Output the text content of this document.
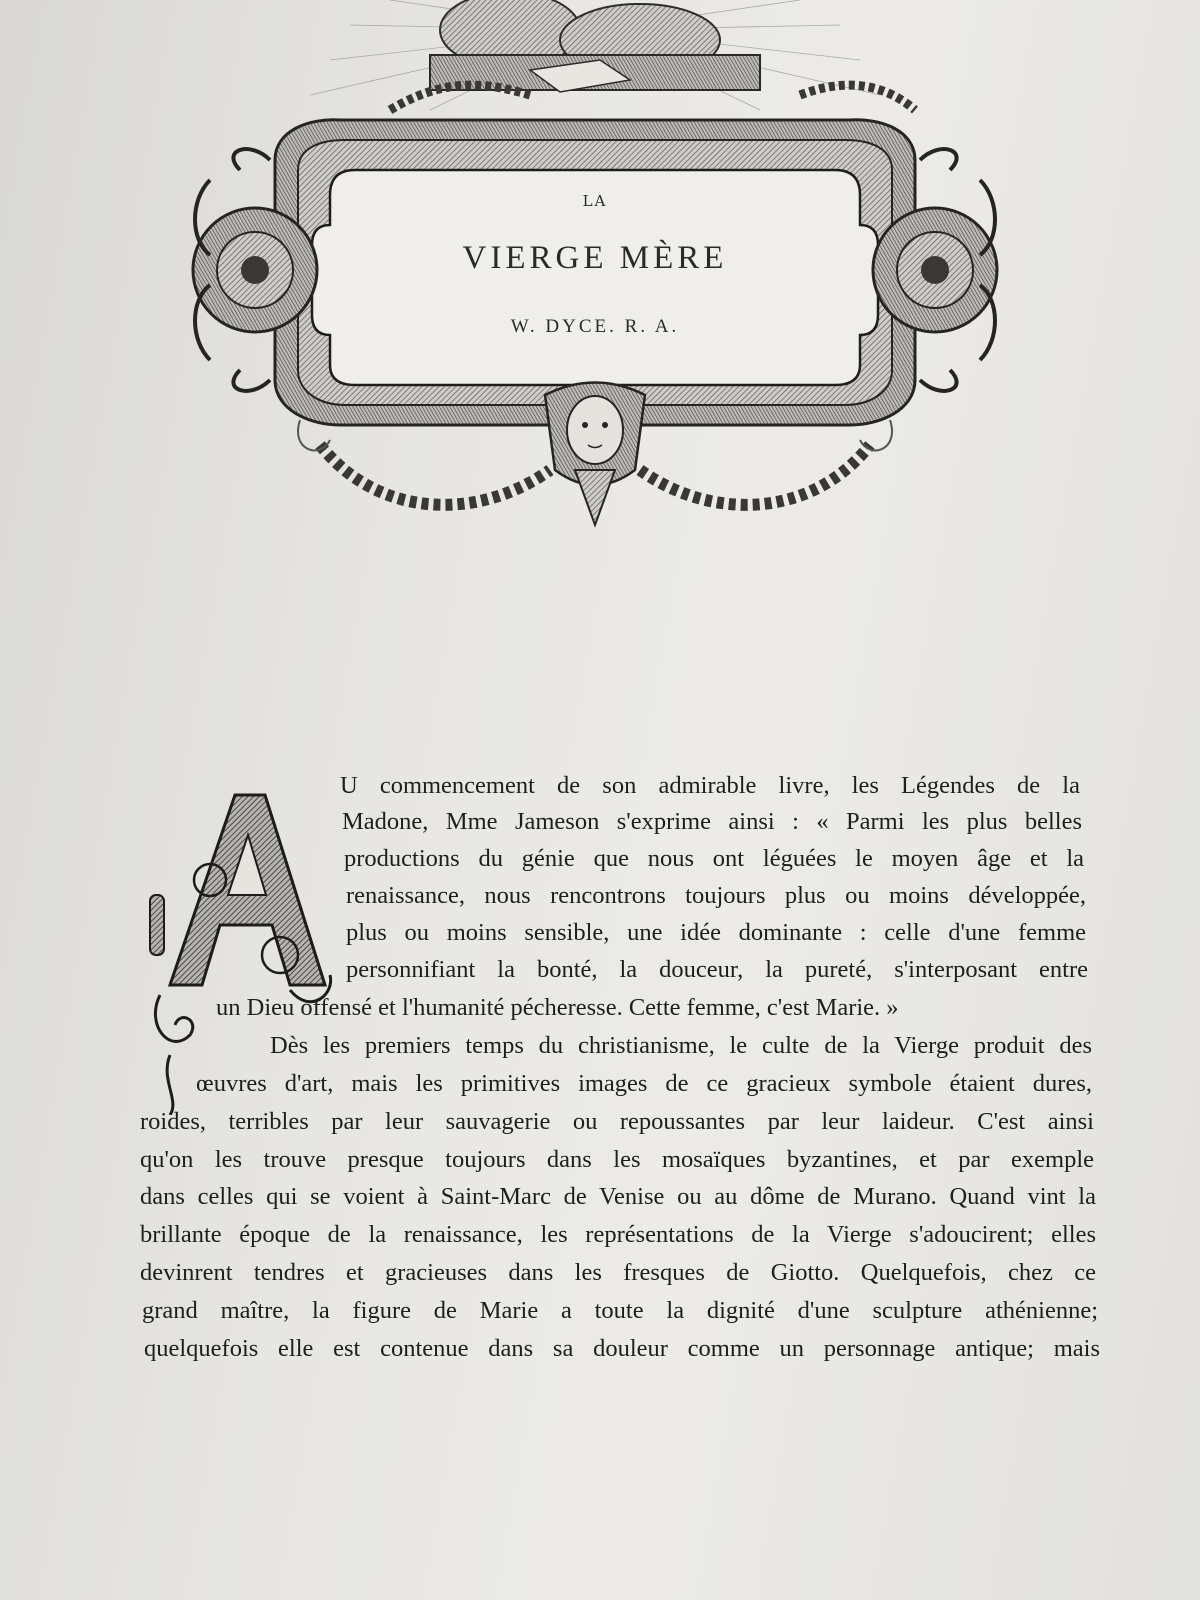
LA
VIERGE MÈRE
W. DYCE. R. A.
U commencement de son admirable livre, les Légendes de la
Madone, Mme Jameson s'exprime ainsi : « Parmi les plus belles
productions du génie que nous ont léguées le moyen âge et la
renaissance, nous rencontrons toujours plus ou moins développée,
plus ou moins sensible, une idée dominante : celle d'une femme
personnifiant la bonté, la douceur, la pureté, s'interposant entre
un Dieu offensé et l'humanité pécheresse. Cette femme, c'est Marie. »
Dès les premiers temps du christianisme, le culte de la Vierge produit des
œuvres d'art, mais les primitives images de ce gracieux symbole étaient dures,
roides, terribles par leur sauvagerie ou repoussantes par leur laideur. C'est ainsi
qu'on les trouve presque toujours dans les mosaïques byzantines, et par exemple
dans celles qui se voient à Saint-Marc de Venise ou au dôme de Murano. Quand vint la
brillante époque de la renaissance, les représentations de la Vierge s'adoucirent; elles
devinrent tendres et gracieuses dans les fresques de Giotto. Quelquefois, chez ce
grand maître, la figure de Marie a toute la dignité d'une sculpture athénienne;
quelquefois elle est contenue dans sa douleur comme un personnage antique; mais
